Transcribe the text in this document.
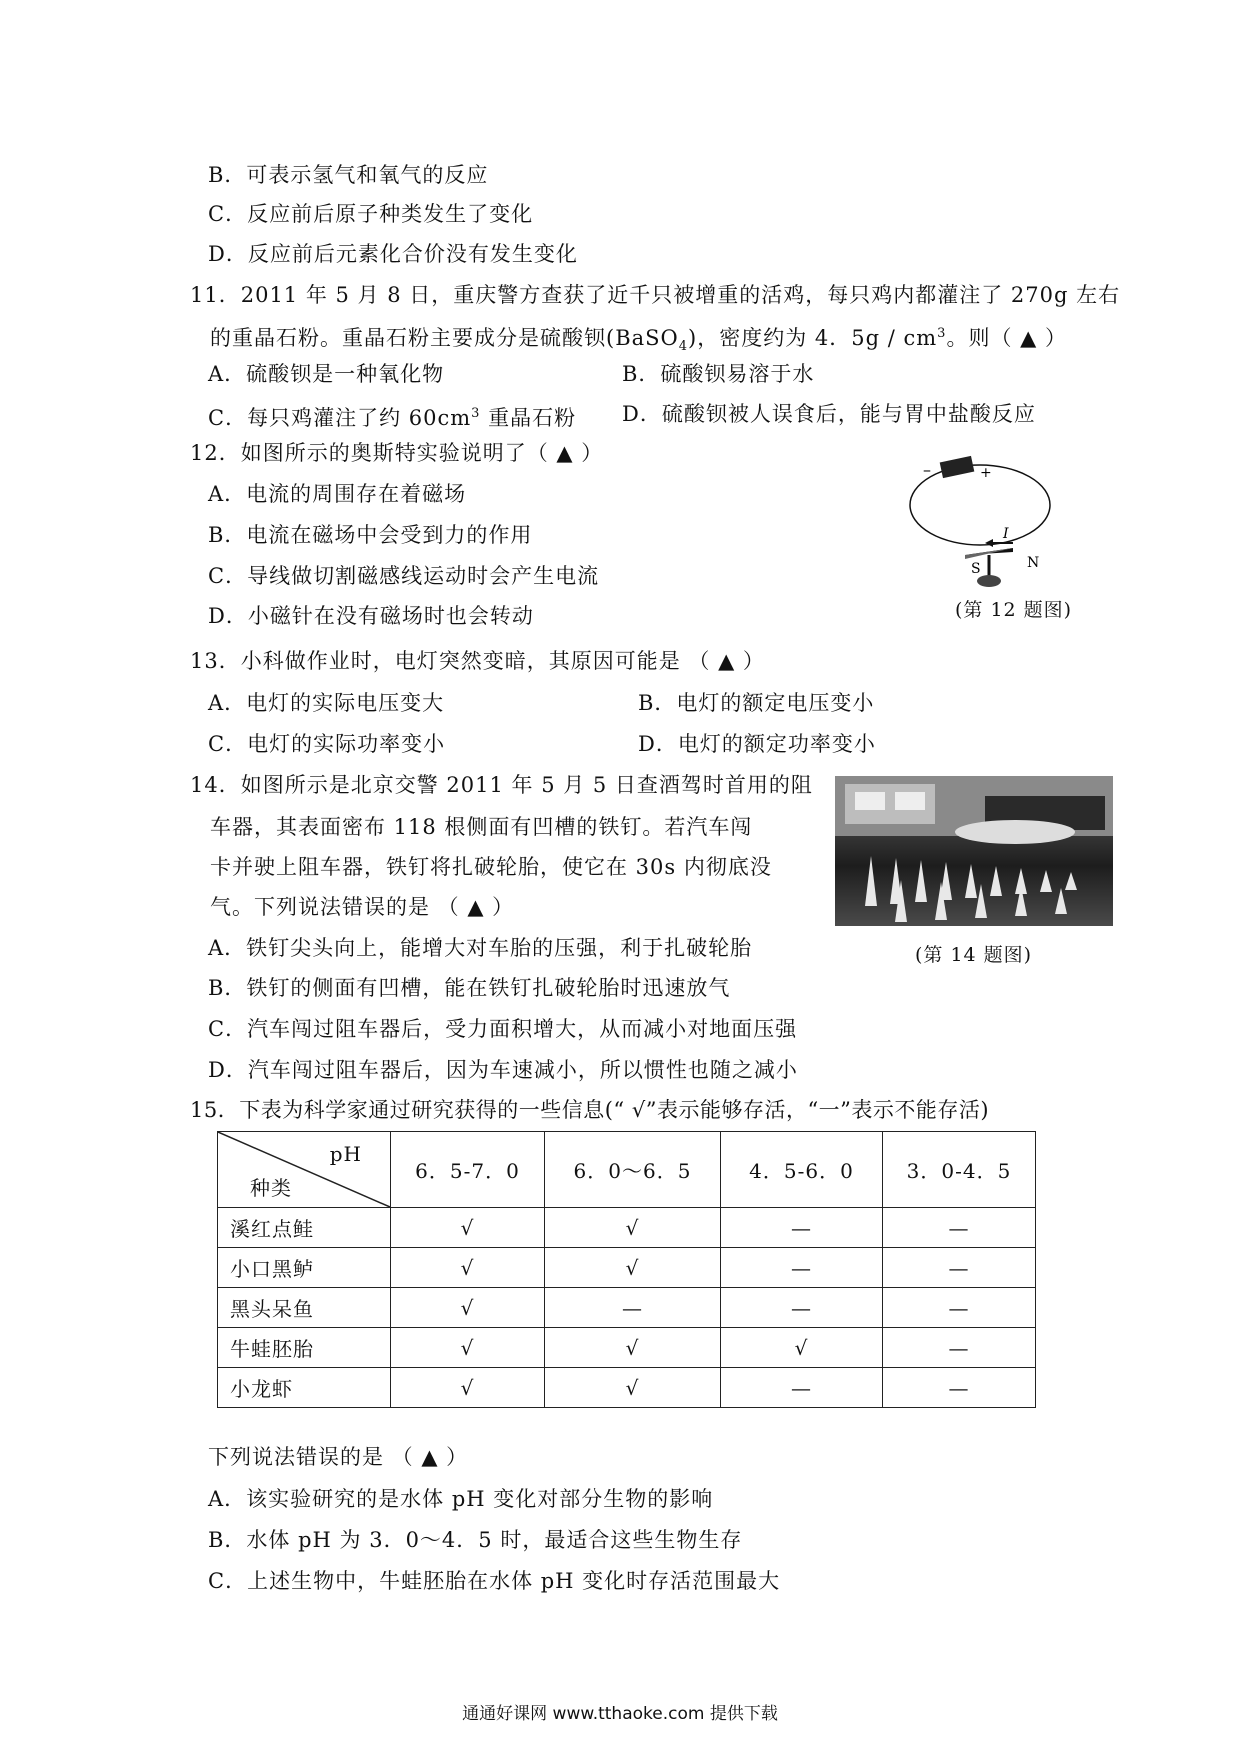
B．可表示氢气和氧气的反应
C．反应前后原子种类发生了变化
D．反应前后元素化合价没有发生变化
11．2011 年 5 月 8 日，重庆警方查获了近千只被增重的活鸡，每只鸡内都灌注了 270g 左右
的重晶石粉。重晶石粉主要成分是硫酸钡(BaSO$_4$)，密度约为 4．$5g / cm^3$。则（ ▲ ）
A．硫酸钡是一种氧化物	B．硫酸钡易溶于水
C．每只鸡灌注了约 $60cm^3$ 重晶石粉 D．硫酸钡被人误食后，能与胃中盐酸反应
12．如图所示的奥斯特实验说明了（ ▲ ）
A．电流的周围存在着磁场
B．电流在磁场中会受到力的作用
C．导线做切割磁感线运动时会产生电流
D．小磁针在没有磁场时也会转动
–	+
I
S	N
(第 12 题图)
13．小科做作业时，电灯突然变暗，其原因可能是 （ ▲ ）
A．电灯的实际电压变大	B．电灯的额定电压变小
C．电灯的实际功率变小	D．电灯的额定功率变小
14．如图所示是北京交警 2011 年 5 月 5 日查酒驾时首用的阻
车器，其表面密布 118 根侧面有凹槽的铁钉。若汽车闯
卡并驶上阻车器，铁钉将扎破轮胎，使它在 30s 内彻底没
气。下列说法错误的是 （ ▲ ）
A．铁钉尖头向上，能增大对车胎的压强，利于扎破轮胎
B．铁钉的侧面有凹槽，能在铁钉扎破轮胎时迅速放气
C．汽车闯过阻车器后，受力面积增大，从而减小对地面压强
D．汽车闯过阻车器后，因为车速减小，所以惯性也随之减小
(第 14 题图)
15．下表为科学家通过研究获得的一些信息(“ √”表示能够存活，“一”表示不能存活)
pH
种类	6．5-7．0	6．0～6．5	4．5-6．0	3．0-4．5
溪红点鲑	√	√	—	—
小口黑鲈	√	√	—	—
黑头呆鱼	√	—	—	—
牛蛙胚胎	√	√	√	—
小龙虾	√	√	—	—
下列说法错误的是 （ ▲ ）
A．该实验研究的是水体 pH 变化对部分生物的影响
B．水体 pH 为 3．0～4．5 时，最适合这些生物生存
C．上述生物中，牛蛙胚胎在水体 pH 变化时存活范围最大
通通好课网 www.tthaoke.com 提供下载
